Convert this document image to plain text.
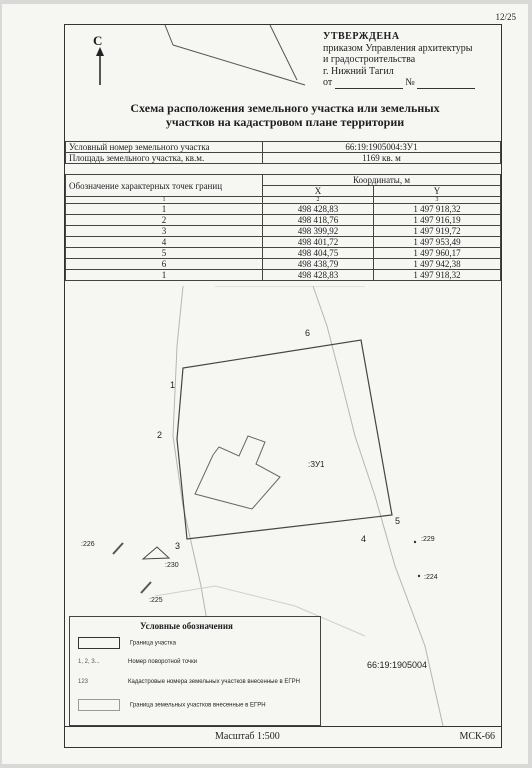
12/25
С	УТВЕРЖДЕНА
приказом Управления архитектуры
и градостроительства
г. Нижний Тагил
от	№
Схема расположения земельного участка или земельных
участков на кадастровом плане территории
Условный номер земельного участка	66:19:1905004:ЗУ1
Площадь земельного участка, кв.м.	1169 кв. м
Обозначение характерных точек границ	Координаты, м	
	X	Y
1	2	3
1	498 428,83	1 497 918,32
2	498 418,76	1 497 916,19
3	498 399,92	1 497 919,72
4	498 401,72	1 497 953,49
5	498 404,75	1 497 960,17
6	498 438,79	1 497 942,38
1	498 428,83	1 497 918,32
1
2
3
4
5
6
:ЗУ1
:226
:225
:230
:229
:224
66:19:1905004
Условные обозначения
Граница участка
1, 2, 3...	Номер поворотной точки
123	Кадастровые номера земельных участков внесенные в ЕГРН
Граница земельных участков внесенные в ЕГРН
Масштаб 1:500	МСК-66
